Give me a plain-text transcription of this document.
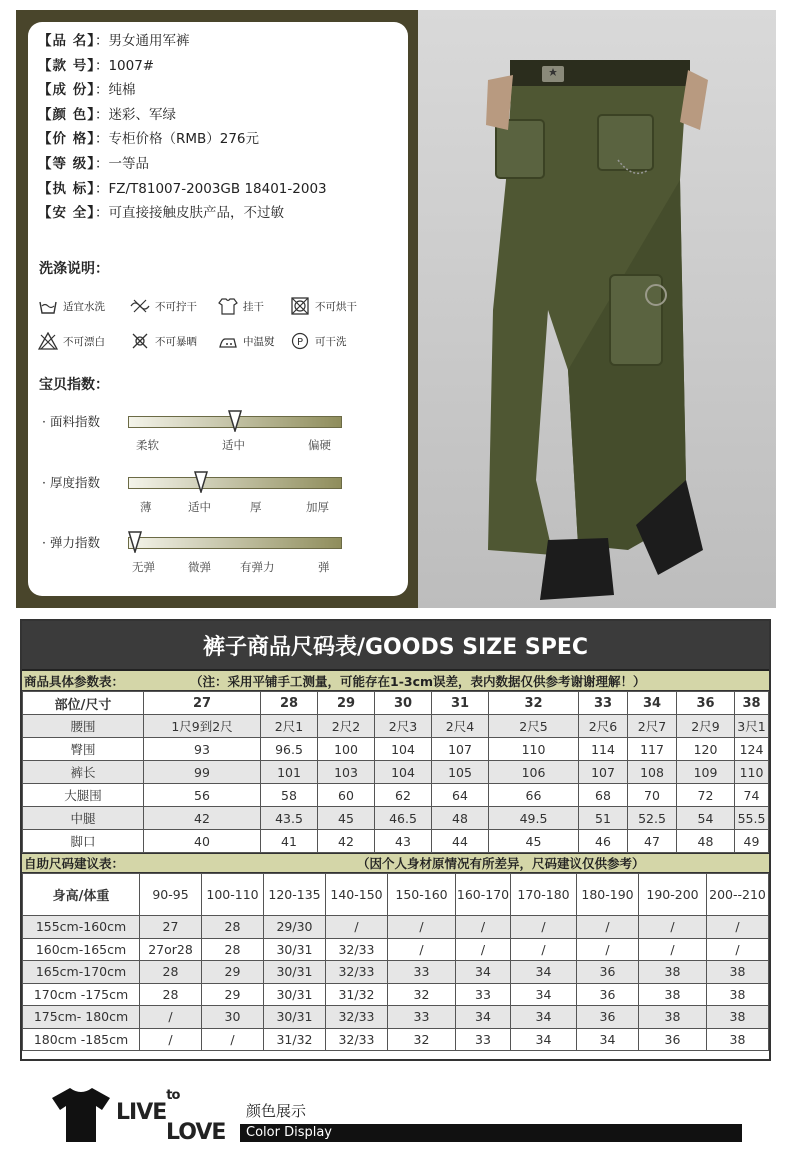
【品 名】：男女通用军裤
【款 号】：1007#
【成 份】：纯棉
【颜 色】：迷彩、军绿
【价 格】：专柜价格（RMB）276元
【等 级】：一等品
【执 标】：FZ/T81007-2003GB 18401-2003
【安 全】：可直接接触皮肤产品，不过敏
洗涤说明：
适宜水洗	不可拧干	挂干	不可烘干
不可漂白	不可暴晒	中温熨 P 可干洗
宝贝指数：
· 面料指数
柔软	适中	偏硬
· 厚度指数
薄	适中	厚	加厚
· 弹力指数
无弹	微弹	有弹力	弹
裤子商品尺码表/GOODS SIZE SPEC
商品具体参数表：	（注：采用平铺手工测量，可能存在1-3cm误差，表内数据仅供参考谢谢理解！）
部位/尺寸	27	28	29	30	31	32	33	34	36	38
腰围	1尺9到2尺	2尺1	2尺2	2尺3	2尺4	2尺5	2尺6	2尺7	2尺9	3尺1
臀围	93	96.5	100	104	107	110	114	117	120	124
裤长	99	101	103	104	105	106	107	108	109	110
大腿围	56	58	60	62	64	66	68	70	72	74
中腿	42	43.5	45	46.5	48	49.5	51	52.5	54	55.5
脚口	40	41	42	43	44	45	46	47	48	49
自助尺码建议表：	（因个人身材原情况有所差异，尺码建议仅供参考）
身高/体重	90-95	100-110	120-135	140-150	150-160	160-170	170-180	180-190	190-200	200--210
155cm-160cm	27	28	29/30	/	/	/	/	/	/	/
160cm-165cm	27or28	28	30/31	32/33	/	/	/	/	/	/
165cm-170cm	28	29	30/31	32/33	33	34	34	36	38	38
170cm -175cm	28	29	30/31	31/32	32	33	34	36	38	38
175cm- 180cm	/	30	30/31	32/33	33	34	34	36	38	38
180cm -185cm	/	/	31/32	32/33	32	33	34	34	36	38
$LIVE^{to}$
LOVE
颜色展示
Color Display
